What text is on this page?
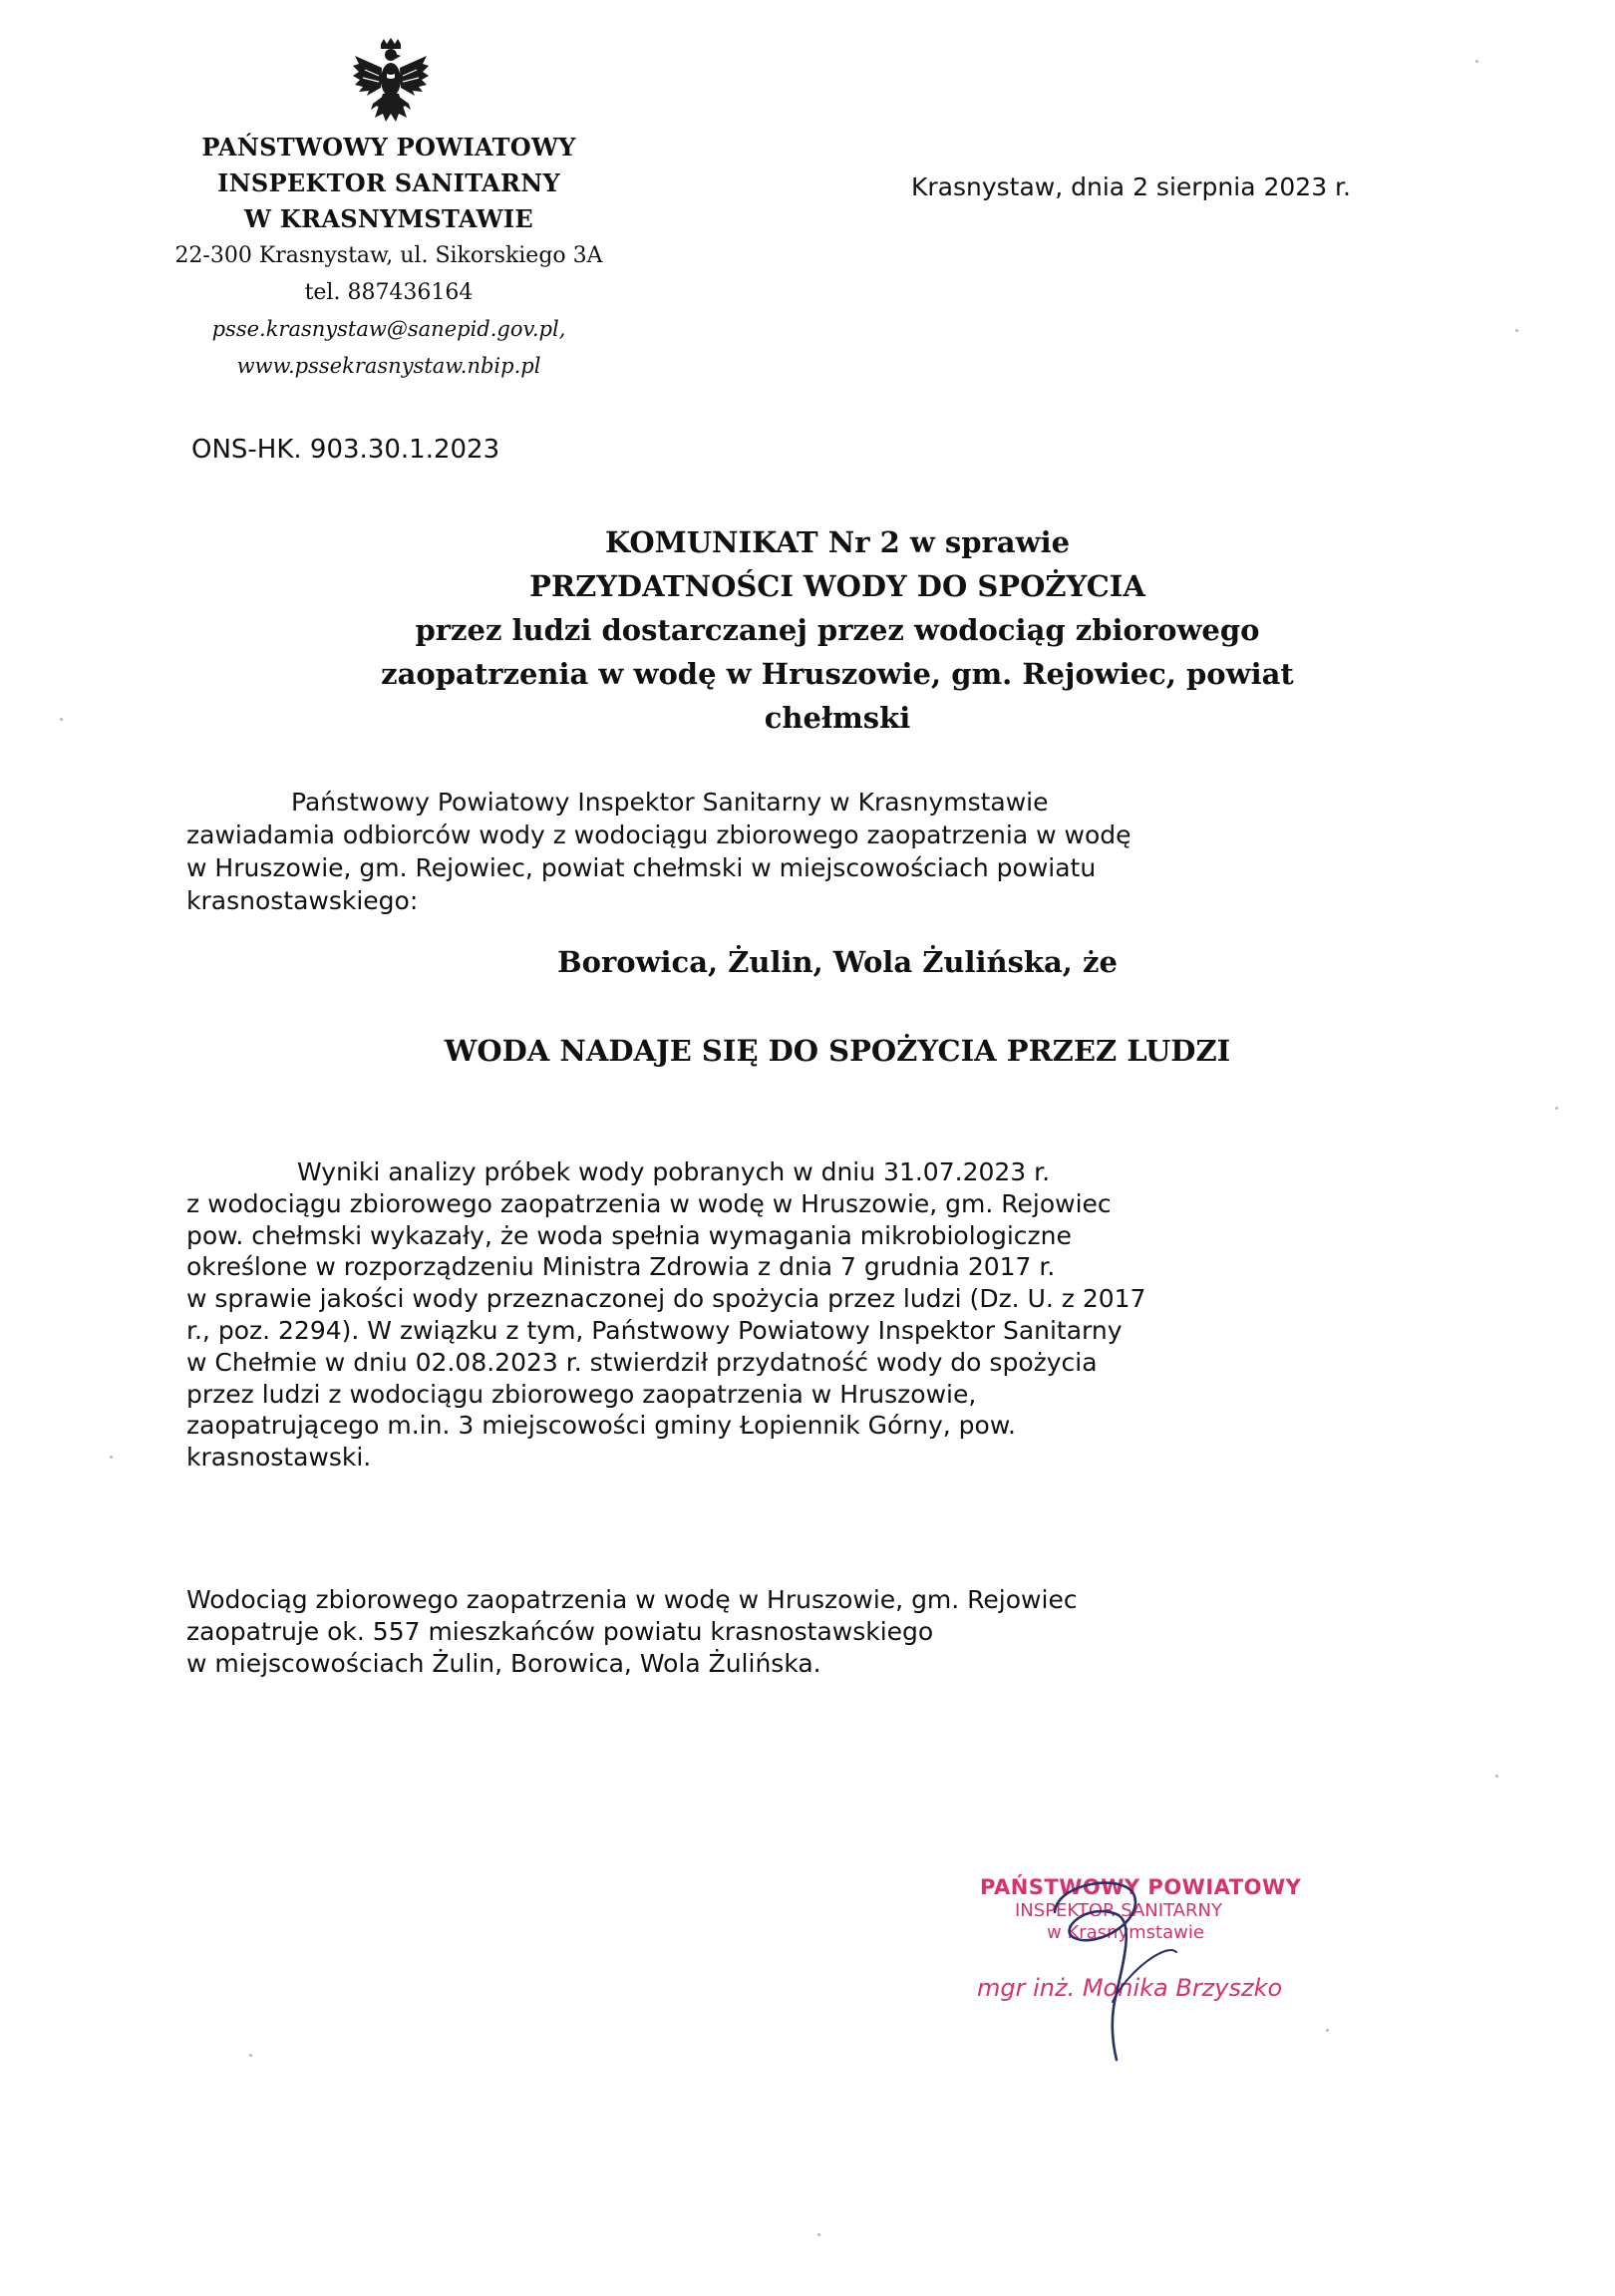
PAŃSTWOWY POWIATOWY
INSPEKTOR SANITARNY
W KRASNYMSTAWIE
22-300 Krasnystaw, ul. Sikorskiego 3A
tel. 887436164
psse.krasnystaw@sanepid.gov.pl,
www.pssekrasnystaw.nbip.pl
Krasnystaw, dnia 2 sierpnia 2023 r.
ONS-HK. 903.30.1.2023
KOMUNIKAT Nr 2 w sprawie
PRZYDATNOŚCI WODY DO SPOŻYCIA
przez ludzi dostarczanej przez wodociąg zbiorowego
zaopatrzenia w wodę w Hruszowie, gm. Rejowiec, powiat
chełmski
Państwowy Powiatowy Inspektor Sanitarny w Krasnymstawie
zawiadamia odbiorców wody z wodociągu zbiorowego zaopatrzenia w wodę
w Hruszowie, gm. Rejowiec, powiat chełmski w miejscowościach powiatu
krasnostawskiego:
Borowica, Żulin, Wola Żulińska, że
WODA NADAJE SIĘ DO SPOŻYCIA PRZEZ LUDZI
Wyniki analizy próbek wody pobranych w dniu 31.07.2023 r.
z wodociągu zbiorowego zaopatrzenia w wodę w Hruszowie, gm. Rejowiec
pow. chełmski wykazały, że woda spełnia wymagania mikrobiologiczne
określone w rozporządzeniu Ministra Zdrowia z dnia 7 grudnia 2017 r.
w sprawie jakości wody przeznaczonej do spożycia przez ludzi (Dz. U. z 2017
r., poz. 2294). W związku z tym, Państwowy Powiatowy Inspektor Sanitarny
w Chełmie w dniu 02.08.2023 r. stwierdził przydatność wody do spożycia
przez ludzi z wodociągu zbiorowego zaopatrzenia w Hruszowie,
zaopatrującego m.in. 3 miejscowości gminy Łopiennik Górny, pow.
krasnostawski.
Wodociąg zbiorowego zaopatrzenia w wodę w Hruszowie, gm. Rejowiec
zaopatruje ok. 557 mieszkańców powiatu krasnostawskiego
w miejscowościach Żulin, Borowica, Wola Żulińska.
PAŃSTWOWY POWIATOWY
INSPEKTOR SANITARNY
w Krasnymstawie
mgr inż. Monika Brzyszko
